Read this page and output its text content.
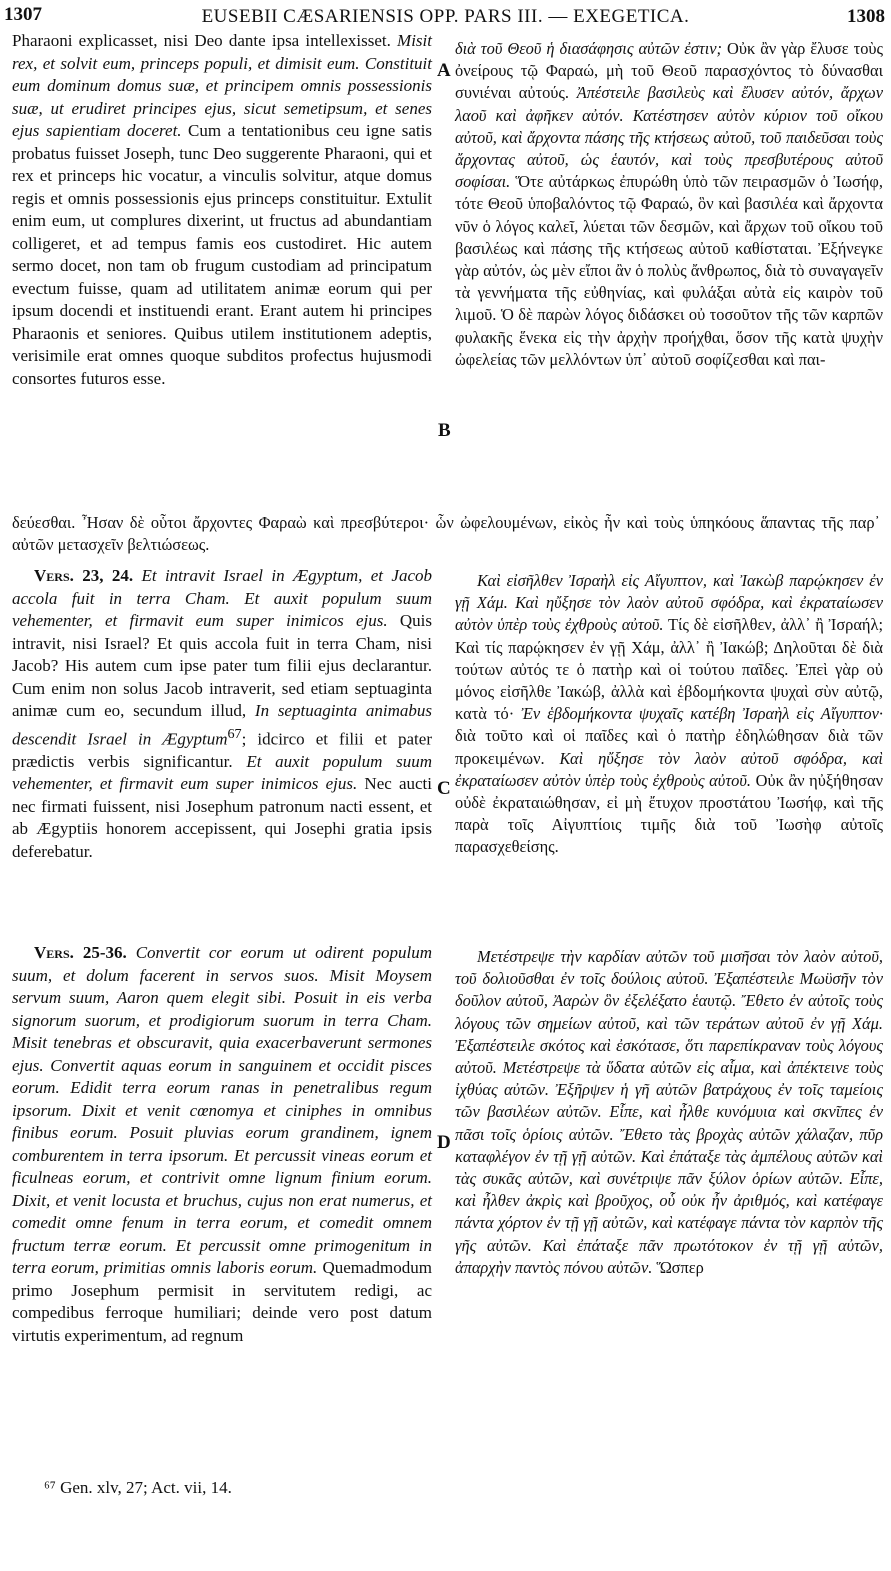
1307	EUSEBII CÆSARIENSIS OPP. PARS III. — EXEGETICA.	1308

Pharaoni explicasset, nisi Deo dante ipsa intellexisset. Misit rex, et solvit eum, princeps populi, et dimisit eum. Constituit eum dominum domus suæ, et principem omnis possessionis suæ, ut erudiret principes ejus, sicut semetipsum, et senes ejus sapientiam doceret. Cum a tentationibus ceu igne satis probatus fuisset Joseph, tunc Deo suggerente Pharaoni, qui et rex et princeps hic vocatur, a vinculis solvitur, atque domus regis et omnis possessionis ejus princeps constituitur. Extulit enim eum, ut complures dixerint, ut fructus ad abundantiam colligeret, et ad tempus famis eos custodiret. Hic autem sermo docet, non tam ob frugum custodiam ad principatum evectum fuisse, quam ad utilitatem animæ eorum qui per ipsum docendi et instituendi erant. Erant autem hi principes Pharaonis et seniores. Quibus utilem institutionem adeptis, verisimile erat omnes quoque subditos profectus hujusmodi consortes futuros esse.

Vers. 23, 24. Et intravit Israel in Ægyptum, et Jacob accola fuit in terra Cham. Et auxit populum suum vehementer, et firmavit eum super inimicos ejus. Quis intravit, nisi Israel? Et quis accola fuit in terra Cham, nisi Jacob? His autem cum ipse pater tum filii ejus declarantur. Cum enim non solus Jacob intraverit, sed etiam septuaginta animæ cum eo, secundum illud, In septuaginta animabus descendit Israel in Ægyptum$^{67}$; idcirco et filii et pater prædictis verbis significantur. Et auxit populum suum vehementer, et firmavit eum super inimicos ejus. Nec aucti nec firmati fuissent, nisi Josephum patronum nacti essent, et ab Ægyptiis honorem accepissent, qui Josephi gratia ipsis deferebatur.

Vers. 25-36. Convertit cor eorum ut odirent populum suum, et dolum facerent in servos suos. Misit Moysem servum suum, Aaron quem elegit sibi. Posuit in eis verba signorum suorum, et prodigiorum suorum in terra Cham. Misit tenebras et obscuravit, quia exacerbaverunt sermones ejus. Convertit aquas eorum in sanguinem et occidit pisces eorum. Edidit terra eorum ranas in penetralibus regum ipsorum. Dixit et venit cœnomya et ciniphes in omnibus finibus eorum. Posuit pluvias eorum grandinem, ignem comburentem in terra ipsorum. Et percussit vineas eorum et ficulneas eorum, et contrivit omne lignum finium eorum. Dixit, et venit locusta et bruchus, cujus non erat numerus, et comedit omne fenum in terra eorum, et comedit omnem fructum terræ eorum. Et percussit omne primogenitum in terra eorum, primitias omnis laboris eorum. Quemadmodum primo Josephum permisit in servitutem redigi, ac compedibus ferroque humiliari; deinde vero post datum virtutis experimentum, ad regnum

διὰ τοῦ Θεοῦ ἡ διασάφησις αὐτῶν ἐστιν; Οὐκ ἂν γὰρ ἔλυσε τοὺς ὀνείρους τῷ Φαραώ, μὴ τοῦ Θεοῦ παρασχόντος τὸ δύνασθαι συνιέναι αὐτούς. Ἀπέστειλε βασιλεὺς καὶ ἔλυσεν αὐτόν, ἄρχων λαοῦ καὶ ἀφῆκεν αὐτόν. Κατέστησεν αὐτὸν κύριον τοῦ οἴκου αὐτοῦ, καὶ ἄρχοντα πάσης τῆς κτήσεως αὐτοῦ, τοῦ παιδεῦσαι τοὺς ἄρχοντας αὐτοῦ, ὡς ἑαυτόν, καὶ τοὺς πρεσβυτέρους αὐτοῦ σοφίσαι. Ὅτε αὐτάρκως ἐπυρώθη ὑπὸ τῶν πειρασμῶν ὁ Ἰωσήφ, τότε Θεοῦ ὑποβαλόντος τῷ Φαραώ, ὃν καὶ βασιλέα καὶ ἄρχοντα νῦν ὁ λόγος καλεῖ, λύεται τῶν δεσμῶν, καὶ ἄρχων τοῦ οἴκου τοῦ βασιλέως καὶ πάσης τῆς κτήσεως αὐτοῦ καθίσταται. Ἐξήνεγκε γὰρ αὐτόν, ὡς μὲν εἴποι ἂν ὁ πολὺς ἄνθρωπος, διὰ τὸ συναγαγεῖν τὰ γεννήματα τῆς εὐθηνίας, καὶ φυλάξαι αὐτὰ εἰς καιρὸν τοῦ λιμοῦ. Ὁ δὲ παρὼν λόγος διδάσκει οὐ τοσοῦτον τῆς τῶν καρπῶν φυλακῆς ἕνεκα εἰς τὴν ἀρχὴν προήχθαι, ὅσον τῆς κατὰ ψυχὴν ὠφελείας τῶν μελλόντων ὑπ᾽ αὐτοῦ σοφίζεσθαι καὶ παι-

δεύεσθαι. Ἦσαν δὲ οὗτοι ἄρχοντες Φαραὼ καὶ πρεσβύτεροι· ὧν ὠφελουμένων, εἰκὸς ἦν καὶ τοὺς ὑπηκόους ἅπαντας τῆς παρ᾽ αὐτῶν μετασχεῖν βελτιώσεως.

Καὶ εἰσῆλθεν Ἰσραὴλ εἰς Αἴγυπτον, καὶ Ἰακὼβ παρῴκησεν ἐν γῇ Χάμ. Καὶ ηὔξησε τὸν λαὸν αὐτοῦ σφόδρα, καὶ ἐκραταίωσεν αὐτὸν ὑπὲρ τοὺς ἐχθροὺς αὐτοῦ. Τίς δὲ εἰσῆλθεν, ἀλλ᾽ ἢ Ἰσραήλ; Καὶ τίς παρῴκησεν ἐν γῇ Χάμ, ἀλλ᾽ ἢ Ἰακώβ; Δηλοῦται δὲ διὰ τούτων αὐτός τε ὁ πατὴρ καὶ οἱ τούτου παῖδες. Ἐπεὶ γὰρ οὐ μόνος εἰσῆλθε Ἰακώβ, ἀλλὰ καὶ ἑβδομήκοντα ψυχαὶ σὺν αὐτῷ, κατὰ τό· Ἐν ἑβδομήκοντα ψυχαῖς κατέβη Ἰσραὴλ εἰς Αἴγυπτον· διὰ τοῦτο καὶ οἱ παῖδες καὶ ὁ πατὴρ ἐδηλώθησαν διὰ τῶν προκειμένων. Καὶ ηὔξησε τὸν λαὸν αὐτοῦ σφόδρα, καὶ ἐκραταίωσεν αὐτὸν ὑπὲρ τοὺς ἐχθροὺς αὐτοῦ. Οὐκ ἂν ηὐξήθησαν οὐδὲ ἐκραταιώθησαν, εἰ μὴ ἔτυχον προστάτου Ἰωσήφ, καὶ τῆς παρὰ τοῖς Αἰγυπτίοις τιμῆς διὰ τοῦ Ἰωσὴφ αὐτοῖς παρασχεθείσης.

Μετέστρεψε τὴν καρδίαν αὐτῶν τοῦ μισῆσαι τὸν λαὸν αὐτοῦ, τοῦ δολιοῦσθαι ἐν τοῖς δούλοις αὐτοῦ. Ἐξαπέστειλε Μωϋσῆν τὸν δοῦλον αὐτοῦ, Ἀαρὼν ὃν ἐξελέξατο ἑαυτῷ. Ἔθετο ἐν αὐτοῖς τοὺς λόγους τῶν σημείων αὐτοῦ, καὶ τῶν τεράτων αὐτοῦ ἐν γῇ Χάμ. Ἐξαπέστειλε σκότος καὶ ἐσκότασε, ὅτι παρεπίκραναν τοὺς λόγους αὐτοῦ. Μετέστρεψε τὰ ὕδατα αὐτῶν εἰς αἷμα, καὶ ἀπέκτεινε τοὺς ἰχθύας αὐτῶν. Ἐξῆρψεν ἡ γῆ αὐτῶν βατράχους ἐν τοῖς ταμείοις τῶν βασιλέων αὐτῶν. Εἶπε, καὶ ἦλθε κυνόμυια καὶ σκνῖπες ἐν πᾶσι τοῖς ὁρίοις αὐτῶν. Ἔθετο τὰς βροχὰς αὐτῶν χάλαζαν, πῦρ καταφλέγον ἐν τῇ γῇ αὐτῶν. Καὶ ἐπάταξε τὰς ἀμπέλους αὐτῶν καὶ τὰς συκᾶς αὐτῶν, καὶ συνέτριψε πᾶν ξύλον ὁρίων αὐτῶν. Εἶπε, καὶ ἦλθεν ἀκρὶς καὶ βροῦχος, οὗ οὐκ ἦν ἀριθμός, καὶ κατέφαγε πάντα χόρτον ἐν τῇ γῇ αὐτῶν, καὶ κατέφαγε πάντα τὸν καρπὸν τῆς γῆς αὐτῶν. Καὶ ἐπάταξε πᾶν πρωτότοκον ἐν τῇ γῇ αὐτῶν, ἀπαρχὴν παντὸς πόνου αὐτῶν. Ὥσπερ

A
B
C
D
⁶⁷ Gen. xlv, 27; Act. vii, 14.
